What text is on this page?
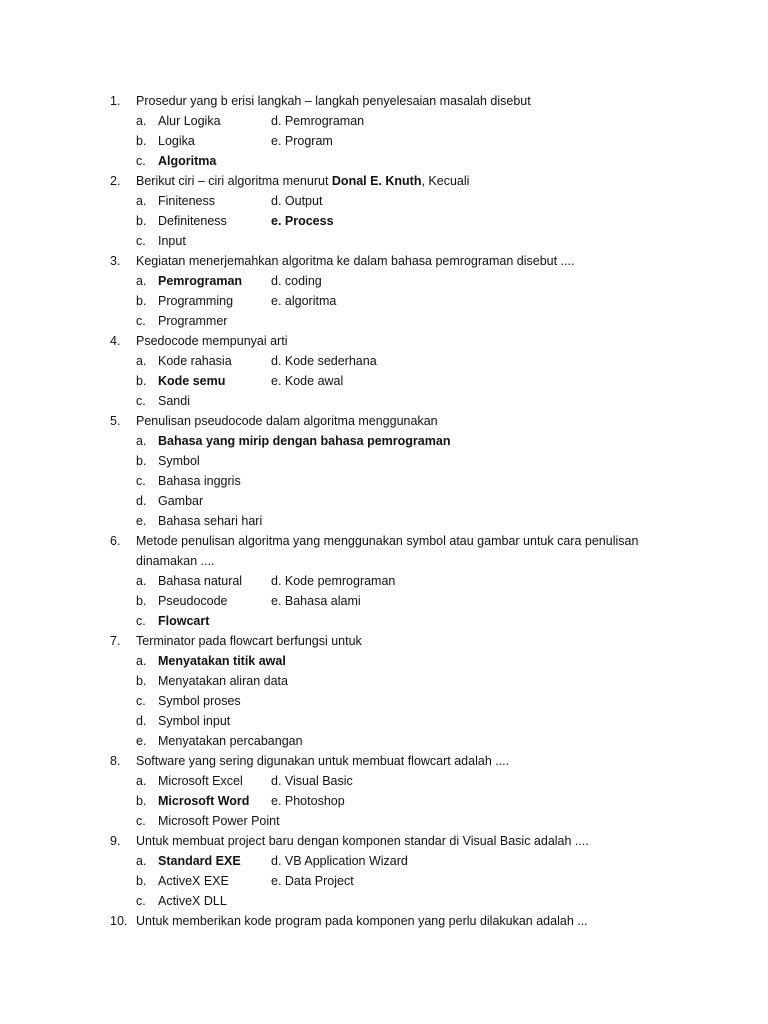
1.	Prosedur yang b erisi langkah – langkah penyelesaian masalah disebut
a. Alur Logika	d. Pemrograman
b. Logika	e. Program
c. Algoritma
2.	Berikut ciri – ciri algoritma menurut Donal E. Knuth, Kecuali
a. Finiteness	d. Output
b. Definiteness	e. Process
c. Input
3.	Kegiatan menerjemahkan algoritma ke dalam bahasa pemrograman disebut ....
a. Pemrograman d. coding
b. Programming	e. algoritma
c. Programmer
4.	Psedocode mempunyai arti
a. Kode rahasia	d. Kode sederhana
b. Kode semu	e. Kode awal
c. Sandi
5.	Penulisan pseudocode dalam algoritma menggunakan
a. Bahasa yang mirip dengan bahasa pemrograman
b. Symbol
c. Bahasa inggris
d. Gambar
e. Bahasa sehari hari
6.	Metode penulisan algoritma yang menggunakan symbol atau gambar untuk cara penulisan
dinamakan ....
a. Bahasa natural d. Kode pemrograman
b. Pseudocode	e. Bahasa alami
c. Flowcart
7.	Terminator pada flowcart berfungsi untuk
a. Menyatakan titik awal
b. Menyatakan aliran data
c. Symbol proses
d. Symbol input
e. Menyatakan percabangan
8.	Software yang sering digunakan untuk membuat flowcart adalah ....
a. Microsoft Excel d. Visual Basic
b. Microsoft Word e. Photoshop
c. Microsoft Power Point
9.	Untuk membuat project baru dengan komponen standar di Visual Basic adalah ....
a. Standard EXE d. VB Application Wizard
b. ActiveX EXE	e. Data Project
c. ActiveX DLL
10. Untuk memberikan kode program pada komponen yang perlu dilakukan adalah ...
